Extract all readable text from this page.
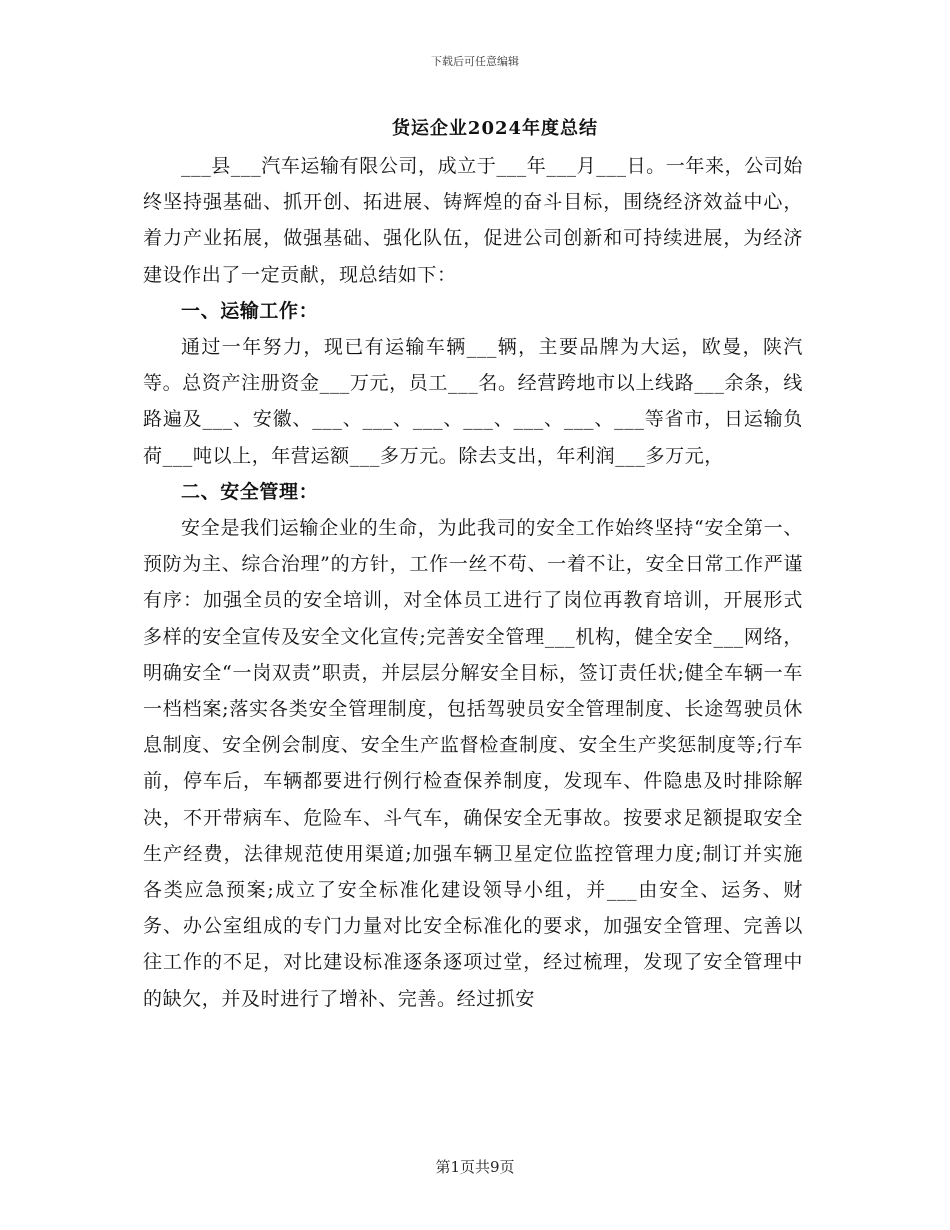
下载后可任意编辑
货运企业2024年度总结

___县___汽车运输有限公司，成立于___年___月___日。一年来，公司始终坚持强基础、抓开创、拓进展、铸辉煌的奋斗目标，围绕经济效益中心，着力产业拓展，做强基础、强化队伍，促进公司创新和可持续进展，为经济建设作出了一定贡献，现总结如下：

一、运输工作：

通过一年努力，现已有运输车辆___辆，主要品牌为大运，欧曼，陕汽等。总资产注册资金___万元，员工___名。经营跨地市以上线路___余条，线路遍及___、安徽、___、___、___、___、___、___、___等省市，日运输负荷___吨以上，年营运额___多万元。除去支出，年利润___多万元，

二、安全管理：

安全是我们运输企业的生命，为此我司的安全工作始终坚持“安全第一、预防为主、综合治理”的方针，工作一丝不苟、一着不让，安全日常工作严谨有序：加强全员的安全培训，对全体员工进行了岗位再教育培训，开展形式多样的安全宣传及安全文化宣传;完善安全管理___机构，健全安全___网络，明确安全“一岗双责”职责，并层层分解安全目标，签订责任状;健全车辆一车一档档案;落实各类安全管理制度，包括驾驶员安全管理制度、长途驾驶员休息制度、安全例会制度、安全生产监督检查制度、安全生产奖惩制度等;行车前，停车后，车辆都要进行例行检查保养制度，发现车、件隐患及时排除解决，不开带病车、危险车、斗气车，确保安全无事故。按要求足额提取安全生产经费，法律规范使用渠道;加强车辆卫星定位监控管理力度;制订并实施各类应急预案;成立了安全标准化建设领导小组，并___由安全、运务、财务、办公室组成的专门力量对比安全标准化的要求，加强安全管理、完善以往工作的不足，对比建设标准逐条逐项过堂，经过梳理，发现了安全管理中的缺欠，并及时进行了增补、完善。经过抓安

第1页共9页
